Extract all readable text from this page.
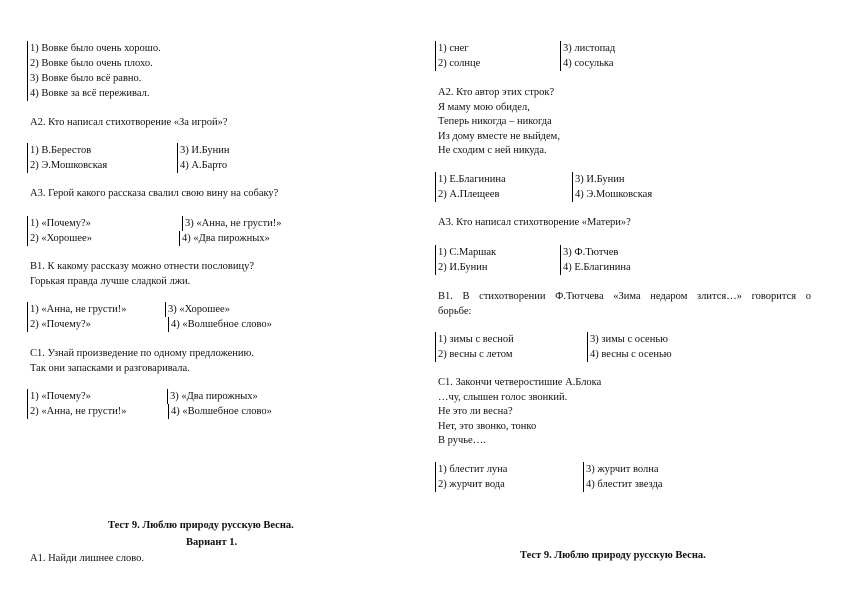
1) Вовке было очень хорошо.
2) Вовке было очень плохо.
3) Вовке было всё равно.
4) Вовке за всё переживал.
А2. Кто написал стихотворение «За игрой»?
1) В.Берестов	3) И.Бунин
2) Э.Мошковская	4) А.Барто
А3. Герой какого рассказа свалил свою вину на собаку?
1) «Почему?»	3) «Анна, не грусти!»
2) «Хорошее»	4) «Два пирожных»
В1. К какому рассказу можно отнести пословицу?
Горькая правда лучше сладкой лжи.
1) «Анна, не грусти!»	3) «Хорошее»
2) «Почему?»	4) «Волшебное слово»
С1. Узнай произведение по одному предложению.
Так они запасками и разговаривала.
1) «Почему?»	3) «Два пирожных»
2) «Анна, не грусти!»	4) «Волшебное слово»
Тест 9. Люблю природу русскую Весна.
Вариант 1.
А1. Найди лишнее слово.
1) снег	3) листопад
2) солнце	4) сосулька
А2. Кто автор этих строк?
Я маму мою обидел,
Теперь никогда – никогда
Из дому вместе не выйдем,
Не сходим с ней никуда.
1) Е.Благинина	3) И.Бунин
2) А.Плещеев	4) Э.Мошковская
А3. Кто написал стихотворение «Матери»?
1) С.Маршак	3) Ф.Тютчев
2) И.Бунин	4) Е.Благинина
В1. В стихотворении Ф.Тютчева «Зима недаром злится…» говорится о
борьбе:
1) зимы с весной	3) зимы с осенью
2) весны с летом	4) весны с осенью
С1. Закончи четверостишие А.Блока
…чу, слышен голос звонкий.
Не это ли весна?
Нет, это звонко, тонко
В ручье….
1) блестит луна	3) журчит волна
2) журчит вода	4) блестит звезда
Тест 9. Люблю природу русскую Весна.
